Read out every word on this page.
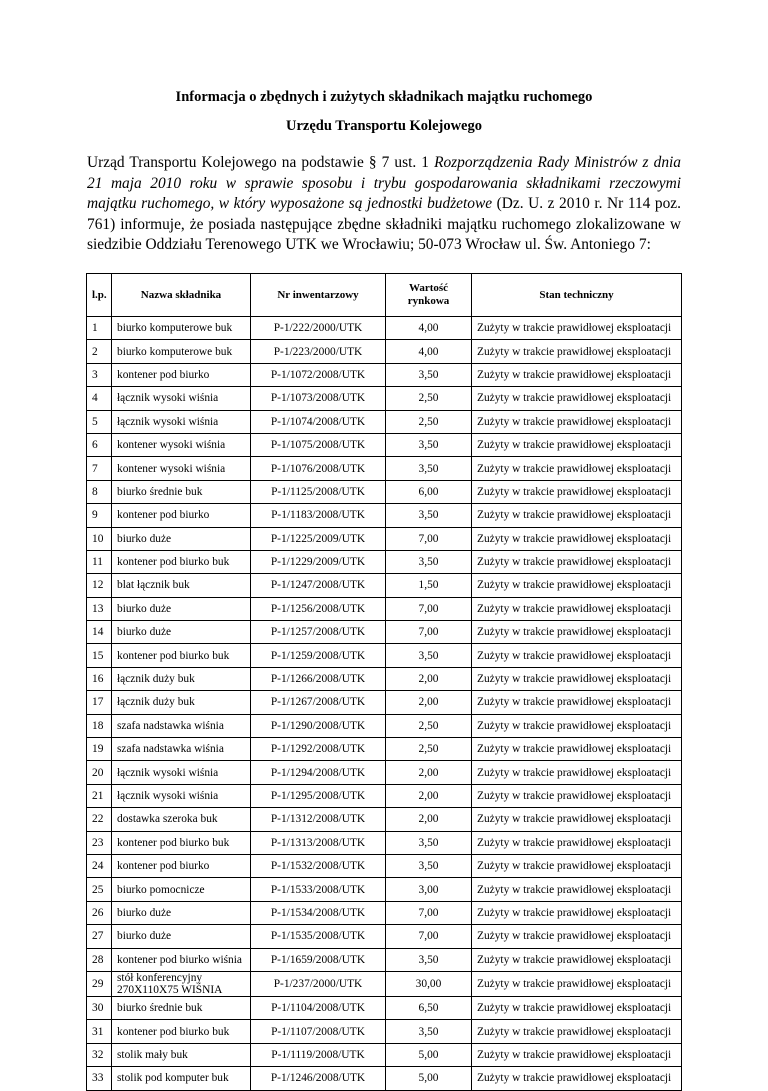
Informacja o zbędnych i zużytych składnikach majątku ruchomego
Urzędu Transportu Kolejowego
Urząd Transportu Kolejowego na podstawie § 7 ust. 1 Rozporządzenia Rady Ministrów z dnia 21 maja 2010 roku w sprawie sposobu i trybu gospodarowania składnikami rzeczowymi majątku ruchomego, w który wyposażone są jednostki budżetowe (Dz. U. z 2010 r. Nr 114 poz. 761) informuje, że posiada następujące zbędne składniki majątku ruchomego zlokalizowane w siedzibie Oddziału Terenowego UTK we Wrocławiu; 50-073 Wrocław ul. Św. Antoniego 7:
l.p.	Nazwa składnika	Nr inwentarzowy	Wartość rynkowa	Stan techniczny
1	biurko komputerowe buk	P-1/222/2000/UTK	4,00	Zużyty w trakcie prawidłowej eksploatacji
2	biurko komputerowe buk	P-1/223/2000/UTK	4,00	Zużyty w trakcie prawidłowej eksploatacji
3	kontener pod biurko	P-1/1072/2008/UTK	3,50	Zużyty w trakcie prawidłowej eksploatacji
4	łącznik wysoki wiśnia	P-1/1073/2008/UTK	2,50	Zużyty w trakcie prawidłowej eksploatacji
5	łącznik wysoki wiśnia	P-1/1074/2008/UTK	2,50	Zużyty w trakcie prawidłowej eksploatacji
6	kontener wysoki wiśnia	P-1/1075/2008/UTK	3,50	Zużyty w trakcie prawidłowej eksploatacji
7	kontener wysoki wiśnia	P-1/1076/2008/UTK	3,50	Zużyty w trakcie prawidłowej eksploatacji
8	biurko średnie buk	P-1/1125/2008/UTK	6,00	Zużyty w trakcie prawidłowej eksploatacji
9	kontener pod biurko	P-1/1183/2008/UTK	3,50	Zużyty w trakcie prawidłowej eksploatacji
10	biurko duże	P-1/1225/2009/UTK	7,00	Zużyty w trakcie prawidłowej eksploatacji
11	kontener pod biurko buk	P-1/1229/2009/UTK	3,50	Zużyty w trakcie prawidłowej eksploatacji
12	blat łącznik buk	P-1/1247/2008/UTK	1,50	Zużyty w trakcie prawidłowej eksploatacji
13	biurko duże	P-1/1256/2008/UTK	7,00	Zużyty w trakcie prawidłowej eksploatacji
14	biurko duże	P-1/1257/2008/UTK	7,00	Zużyty w trakcie prawidłowej eksploatacji
15	kontener pod biurko buk	P-1/1259/2008/UTK	3,50	Zużyty w trakcie prawidłowej eksploatacji
16	łącznik duży buk	P-1/1266/2008/UTK	2,00	Zużyty w trakcie prawidłowej eksploatacji
17	łącznik duży buk	P-1/1267/2008/UTK	2,00	Zużyty w trakcie prawidłowej eksploatacji
18	szafa nadstawka wiśnia	P-1/1290/2008/UTK	2,50	Zużyty w trakcie prawidłowej eksploatacji
19	szafa nadstawka wiśnia	P-1/1292/2008/UTK	2,50	Zużyty w trakcie prawidłowej eksploatacji
20	łącznik wysoki wiśnia	P-1/1294/2008/UTK	2,00	Zużyty w trakcie prawidłowej eksploatacji
21	łącznik wysoki wiśnia	P-1/1295/2008/UTK	2,00	Zużyty w trakcie prawidłowej eksploatacji
22	dostawka szeroka buk	P-1/1312/2008/UTK	2,00	Zużyty w trakcie prawidłowej eksploatacji
23	kontener pod biurko buk	P-1/1313/2008/UTK	3,50	Zużyty w trakcie prawidłowej eksploatacji
24	kontener pod biurko	P-1/1532/2008/UTK	3,50	Zużyty w trakcie prawidłowej eksploatacji
25	biurko pomocnicze	P-1/1533/2008/UTK	3,00	Zużyty w trakcie prawidłowej eksploatacji
26	biurko duże	P-1/1534/2008/UTK	7,00	Zużyty w trakcie prawidłowej eksploatacji
27	biurko duże	P-1/1535/2008/UTK	7,00	Zużyty w trakcie prawidłowej eksploatacji
28	kontener pod biurko wiśnia	P-1/1659/2008/UTK	3,50	Zużyty w trakcie prawidłowej eksploatacji
29	stół konferencyjny 270X110X75 WIŚNIA	P-1/237/2000/UTK	30,00	Zużyty w trakcie prawidłowej eksploatacji
30	biurko średnie buk	P-1/1104/2008/UTK	6,50	Zużyty w trakcie prawidłowej eksploatacji
31	kontener pod biurko buk	P-1/1107/2008/UTK	3,50	Zużyty w trakcie prawidłowej eksploatacji
32	stolik mały buk	P-1/1119/2008/UTK	5,00	Zużyty w trakcie prawidłowej eksploatacji
33	stolik pod komputer buk	P-1/1246/2008/UTK	5,00	Zużyty w trakcie prawidłowej eksploatacji
